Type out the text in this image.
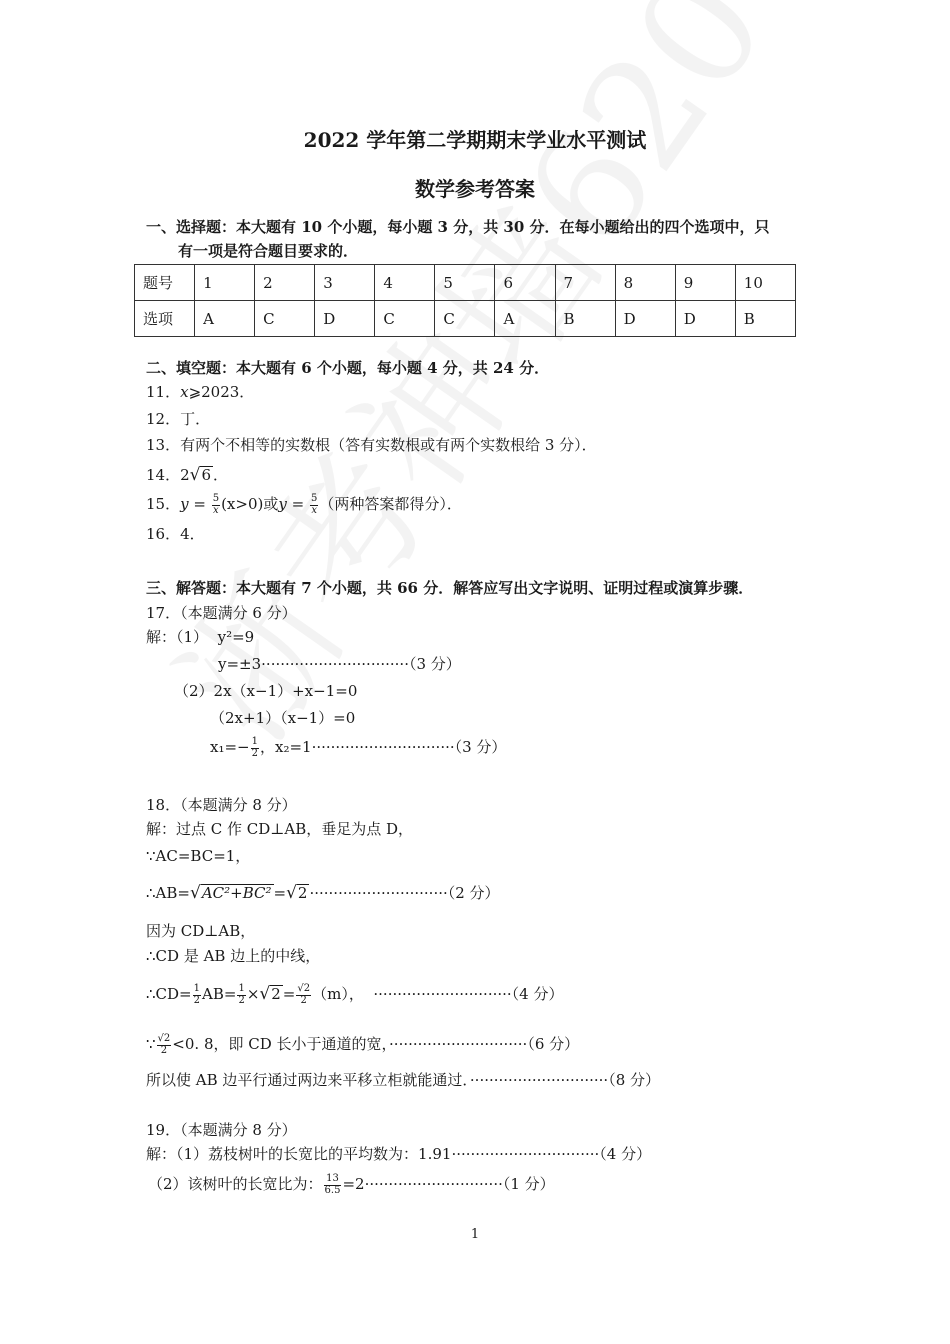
2022 学年第二学期期末学业水平测试
数学参考答案
一、选择题：本大题有 10 个小题，每小题 3 分，共 30 分．在每小题给出的四个选项中，只
有一项是符合题目要求的．
题号	1	2	3	4	5	6	7	8	9	10
选项	A	C	D	C	C	A	B	D	D	B
二、填空题：本大题有 6 个小题，每小题 4 分，共 24 分．
11．x⩾2023．
12．丁．
13．有两个不相等的实数根（答有实数根或有两个实数根给 3 分）．
14．2√6 ．
15．$y = \frac{5}{x} (x>0)$或$y = \frac{5}{x}$ （两种答案都得分）．
16．4．
三、解答题：本大题有 7 个小题，共 66 分．解答应写出文字说明、证明过程或演算步骤．
17．（本题满分 6 分）
解：（1） y²=9
y=±3·······························（3 分）
（2）2x（x−1）+x−1=0
（2x+1）（x−1）=0
$x_1=- \frac{1}{2}$ ，x₂=1······························（3 分）
18．（本题满分 8 分）
解：过点 C 作 CD⊥AB，垂足为点 D，
∵AC=BC=1，
∴AB=√AC²+BC² =√2 ·····························（2 分）
因为 CD⊥AB，
∴CD 是 AB 边上的中线，
∴CD= $\frac{1}{2} AB= \frac{1}{2} \times√2 = \frac{√2}{2} (m)$， ·····························（4 分）
∵ $\frac{√2}{2} <0$. 8，即 CD 长小于通道的宽，·····························（6 分）
所以使 AB 边平行通过两边来平移立柜就能通过．·····························（8 分）
19．（本题满分 8 分）
解：（1）荔枝树叶的长宽比的平均数为：1.91·······························（4 分）
（2）该树叶的长宽比为： $\frac{13}{6.5} =2\cdot\cdot\cdot\cdot\cdot\cdot\cdot\cdot\cdot\cdot\cdot\cdot\cdot\cdot\cdot\cdot\cdot\cdot\cdot\cdot\cdot\cdot\cdot\cdot\cdot\cdot\cdot\cdot\cdot(1$ 分）
1
